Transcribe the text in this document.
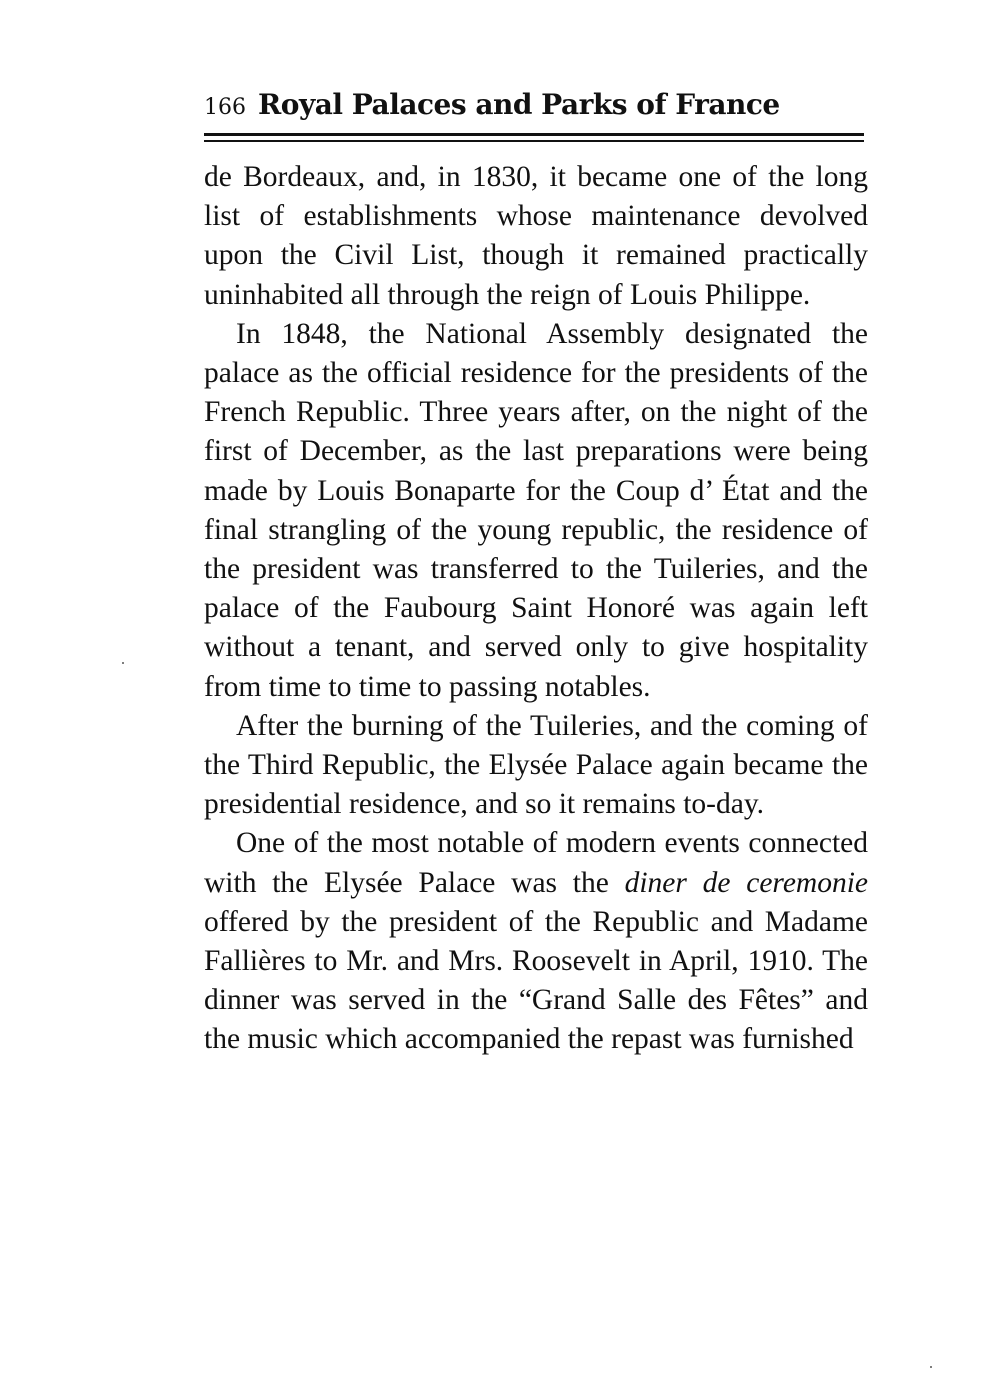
166 Royal Palaces and Parks of France

de Bordeaux, and, in 1830, it became one of the long list of establishments whose maintenance devolved upon the Civil List, though it remained practically uninhabited all through the reign of Louis Philippe.

In 1848, the National Assembly designated the palace as the official residence for the presidents of the French Republic. Three years after, on the night of the first of December, as the last preparations were being made by Louis Bonaparte for the Coup d’ État and the final strangling of the young republic, the residence of the president was transferred to the Tuileries, and the palace of the Faubourg Saint Honoré was again left without a tenant, and served only to give hospitality from time to time to passing notables.

After the burning of the Tuileries, and the coming of the Third Republic, the Elysée Palace again became the presidential residence, and so it remains to-day.

One of the most notable of modern events connected with the Elysée Palace was the diner de ceremonie offered by the president of the Republic and Madame Fallières to Mr. and Mrs. Roosevelt in April, 1910. The dinner was served in the “Grand Salle des Fêtes” and the music which accompanied the repast was furnished
